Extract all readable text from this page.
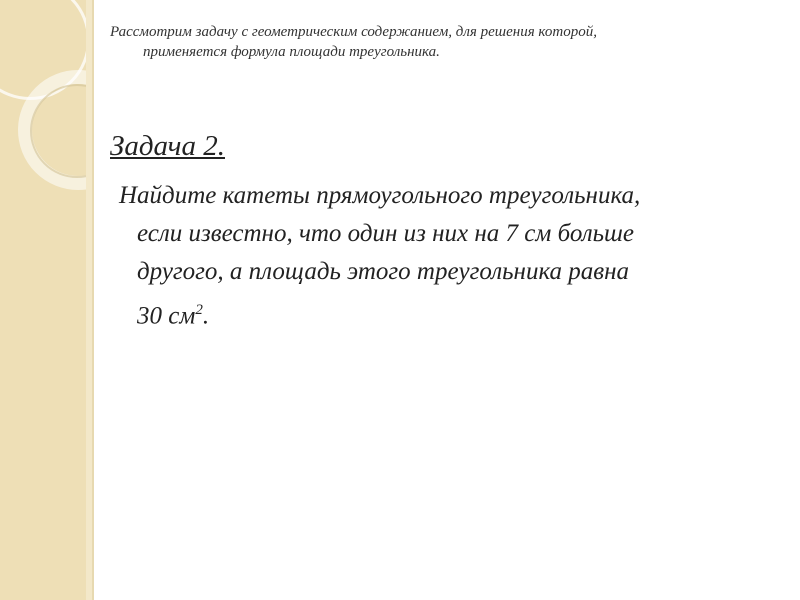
Рассмотрим задачу с геометрическим содержанием, для решения которой,
применяется формула площади треугольника.
Задача 2.
Найдите катеты прямоугольного треугольника,
если известно, что один из них на 7 см больше
другого, а площадь этого треугольника равна
30 $см^2$.
